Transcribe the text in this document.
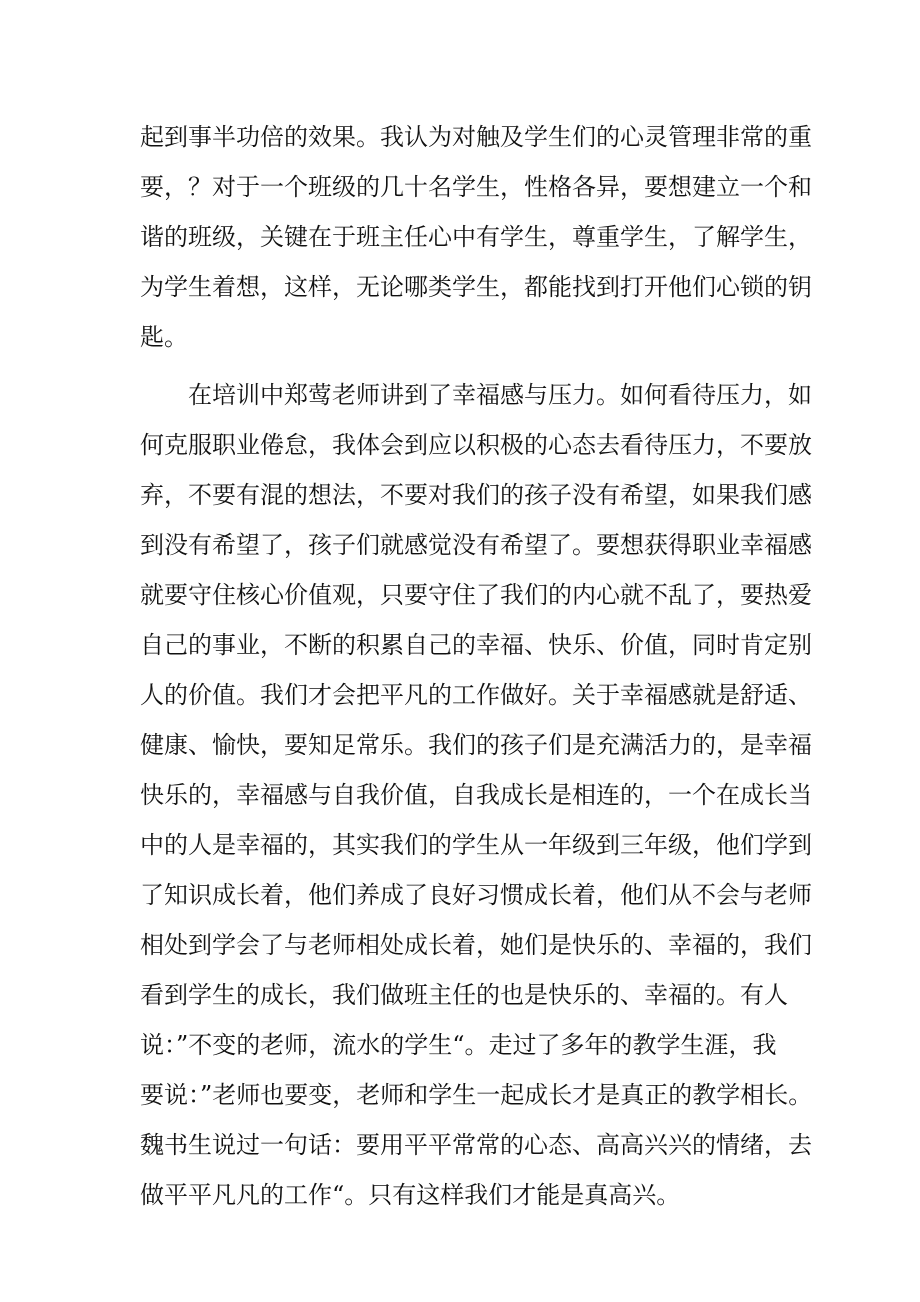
起到事半功倍的效果。我认为对触及学生们的心灵管理非常的重
要，？对于一个班级的几十名学生，性格各异，要想建立一个和
谐的班级，关键在于班主任心中有学生，尊重学生，了解学生，
为学生着想，这样，无论哪类学生，都能找到打开他们心锁的钥
匙。
在培训中郑莺老师讲到了幸福感与压力。如何看待压力，如
何克服职业倦怠，我体会到应以积极的心态去看待压力，不要放
弃，不要有混的想法，不要对我们的孩子没有希望，如果我们感
到没有希望了，孩子们就感觉没有希望了。要想获得职业幸福感
就要守住核心价值观，只要守住了我们的内心就不乱了，要热爱
自己的事业，不断的积累自己的幸福、快乐、价值，同时肯定别
人的价值。我们才会把平凡的工作做好。关于幸福感就是舒适、
健康、愉快，要知足常乐。我们的孩子们是充满活力的，是幸福
快乐的，幸福感与自我价值，自我成长是相连的，一个在成长当
中的人是幸福的，其实我们的学生从一年级到三年级，他们学到
了知识成长着，他们养成了良好习惯成长着，他们从不会与老师
相处到学会了与老师相处成长着，她们是快乐的、幸福的，我们
看到学生的成长，我们做班主任的也是快乐的、幸福的。有人
说：”不变的老师，流水的学生“。走过了多年的教学生涯，我
要说：”老师也要变，老师和学生一起成长才是真正的教学相长。
魏书生说过一句话：要用平平常常的心态、高高兴兴的情绪，去
做平平凡凡的工作“。只有这样我们才能是真高兴。
